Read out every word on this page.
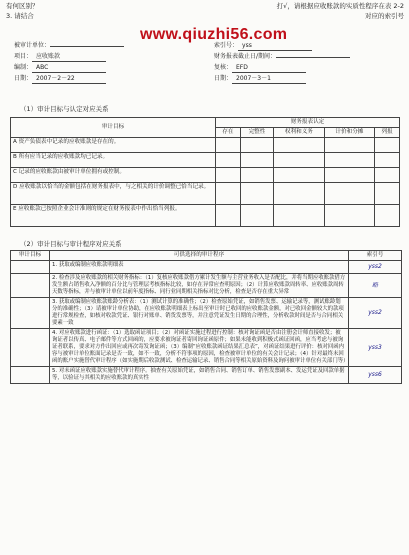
有何区别？
3. 请结合
打√，请根据应收账款的实质性程序在表 2-2
对应的索引号
www.qiuzhi56.com
被审计单位：
项目： 应收账款
编制： ABC
日期： 2007－2－22
索引号： yss
财务报表截止日/期间：
复核： EFD
日期： 2007－3－1
（1）审计目标与认定对应关系
审计目标	财务报表认定				
	存在	完整性	权利和义务	计价和分摊	列报
A 资产负债表中记录的应收账款是存在的。					
B 所有应当记录的应收账款均已记录。					
C 记录的应收账款由被审计单位拥有或控制。					
D 应收账款以恰当的金额包括在财务报表中，与之相关的计价调整已恰当记录。					
E 应收账款已按照企业会计准则的规定在财务报表中作出恰当列报。					
（2）审计目标与审计程序对应关系
审计目标	可供选择的审计程序	索引号
	1. 获取或编制应收账款明细表	yss2
	2. 检查涉及应收账款的相关财务指标：（1）复核应收账款借方累计发生额与主营业务收入是否配比，并将当期应收账款借方发生额占销售收入净额的百分比与管理层考核指标比较，如存在异常应查明原因；（2）计算应收账款周转率、应收账款周转天数等指标，并与被审计单位以前年度指标、同行业同期相关指标对比分析，检查是否存在重大异常	略
	3. 获取或编制应收账款账龄分析表：（1）测试计算的准确性；（2）检查原始凭证，如销售发票、运输记录等，测试账龄划分的准确性；（3）请被审计单位协助，在应收账款明细表上标出至审计时已收回的应收账款金额，对已收回金额较大的款项进行常规检查，如核对收款凭证、银行对账单、销货发票等，并注意凭证发生日期的合理性，分析收款时间是否与合同相关要素一致	yss2
	4. 对应收账款进行函证：（1）选取函证项目；（2）对函证实施过程进行控制：核对询证函是否由注册会计师直接收发；被询证者以传真、电子邮件等方式回函的，应要求被询证者寄回询证函原件；如果未能收到积极式函证回函，应当考虑与被询证者联系，要求对方作出回应或再次寄发询证函；（3）编制“应收账款函证结果汇总表”，对函证结果进行评价：核对回函内容与被审计单位账面记录是否一致，如不一致，分析不符事项的原因，检查被审计单位的有关会计记录；（4）针对最终未回函的账户实施替代审计程序（如实施期后收款测试、检查运输记录、销售合同等相关原始资料及询问被审计单位有关部门等）	yss3
	5. 对未函证应收账款实施替代审计程序。抽查有关原始凭证，如销售合同、销售订单、销售发票副本、发运凭证及回款单据等，以验证与其相关的应收账款的真实性	yss6
